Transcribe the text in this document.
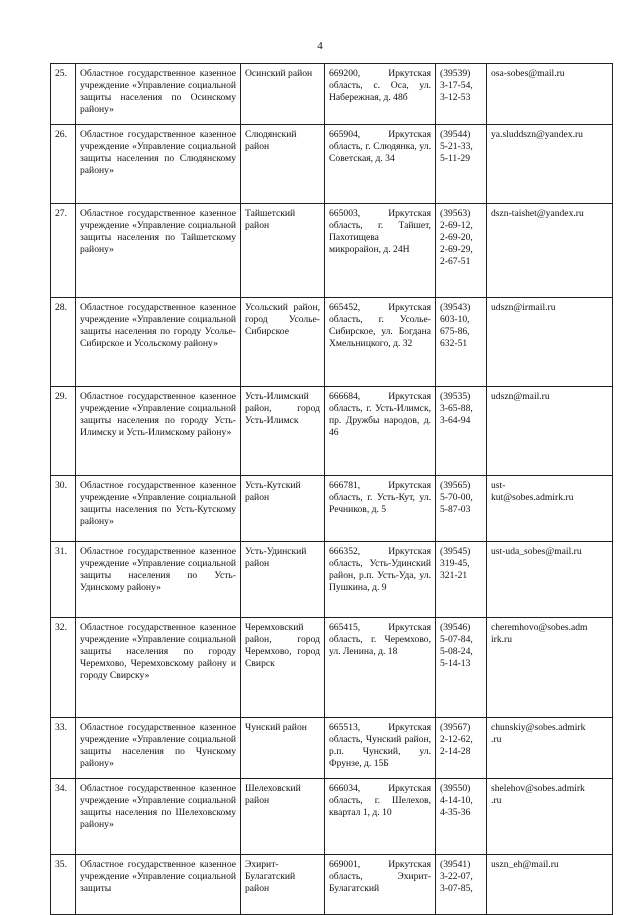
4
25.	Областное государственное казенное учреждение «Управление социальной защиты населения по Осинскому району»	Осинский район	669200, Иркутская область, с. Оса, ул. Набережная, д. 48б	(39539)
3-17-54,
3-12-53	osa-sobes@mail.ru

26.	Областное государственное казенное учреждение «Управление социальной защиты населения по Слюдянскому району»	Слюдянский район	665904, Иркутская область, г. Слюдянка, ул. Советская, д. 34	(39544)
5-21-33,
5-11-29	ya.sluddszn@yandex.ru

27.	Областное государственное казенное учреждение «Управление социальной защиты населения по Тайшетскому району»	Тайшетский район	665003, Иркутская область, г. Тайшет, Пахотищева микрорайон, д. 24Н	(39563)
2-69-12,
2-69-20,
2-69-29,
2-67-51	dszn-taishet@yandex.ru

28.	Областное государственное казенное учреждение «Управление социальной защиты населения по городу Усолье-Сибирское и Усольскому району»	Усольский район, город Усолье-Сибирское	665452, Иркутская область, г. Усолье-Сибирское, ул. Богдана Хмельницкого, д. 32	(39543)
603-10,
675-86,
632-51	udszn@irmail.ru

29.	Областное государственное казенное учреждение «Управление социальной защиты населения по городу Усть-Илимску и Усть-Илимскому району»	Усть-Илимский район, город Усть-Илимск	666684, Иркутская область, г. Усть-Илимск, пр. Дружбы народов, д. 46	(39535)
3-65-88,
3-64-94	udszn@mail.ru

30.	Областное государственное казенное учреждение «Управление социальной защиты населения по Усть-Кутскому району»	Усть-Кутский район	666781, Иркутская область, г. Усть-Кут, ул. Речников, д. 5	(39565)
5-70-00,
5-87-03	ust-
kut@sobes.admirk.ru

31.	Областное государственное казенное учреждение «Управление социальной защиты населения по Усть-Удинскому району»	Усть-Удинский район	666352, Иркутская область, Усть-Удинский район, р.п. Усть-Уда, ул. Пушкина, д. 9	(39545)
319-45,
321-21	ust-uda_sobes@mail.ru

32.	Областное государственное казенное учреждение «Управление социальной защиты населения по городу Черемхово, Черемховскому району и городу Свирску»	Черемховский район, город Черемхово, город Свирск	665415, Иркутская область, г. Черемхово, ул. Ленина, д. 18	(39546)
5-07-84,
5-08-24,
5-14-13	cheremhovo@sobes.adm
irk.ru

33.	Областное государственное казенное учреждение «Управление социальной защиты населения по Чунскому району»	Чунский район	665513, Иркутская область, Чунский район, р.п. Чунский, ул. Фрунзе, д. 15Б	(39567)
2-12-62,
2-14-28	chunskiy@sobes.admirk
.ru

34.	Областное государственное казенное учреждение «Управление социальной защиты населения по Шелеховскому району»	Шелеховский район	666034, Иркутская область, г. Шелехов, квартал 1, д. 10	(39550)
4-14-10,
4-35-36	shelehov@sobes.admirk
.ru

35.	Областное государственное казенное учреждение «Управление социальной защиты	Эхирит-Булагатский район	669001, Иркутская область, Эхирит-Булагатский	(39541)
3-22-07,
3-07-85,	uszn_eh@mail.ru
